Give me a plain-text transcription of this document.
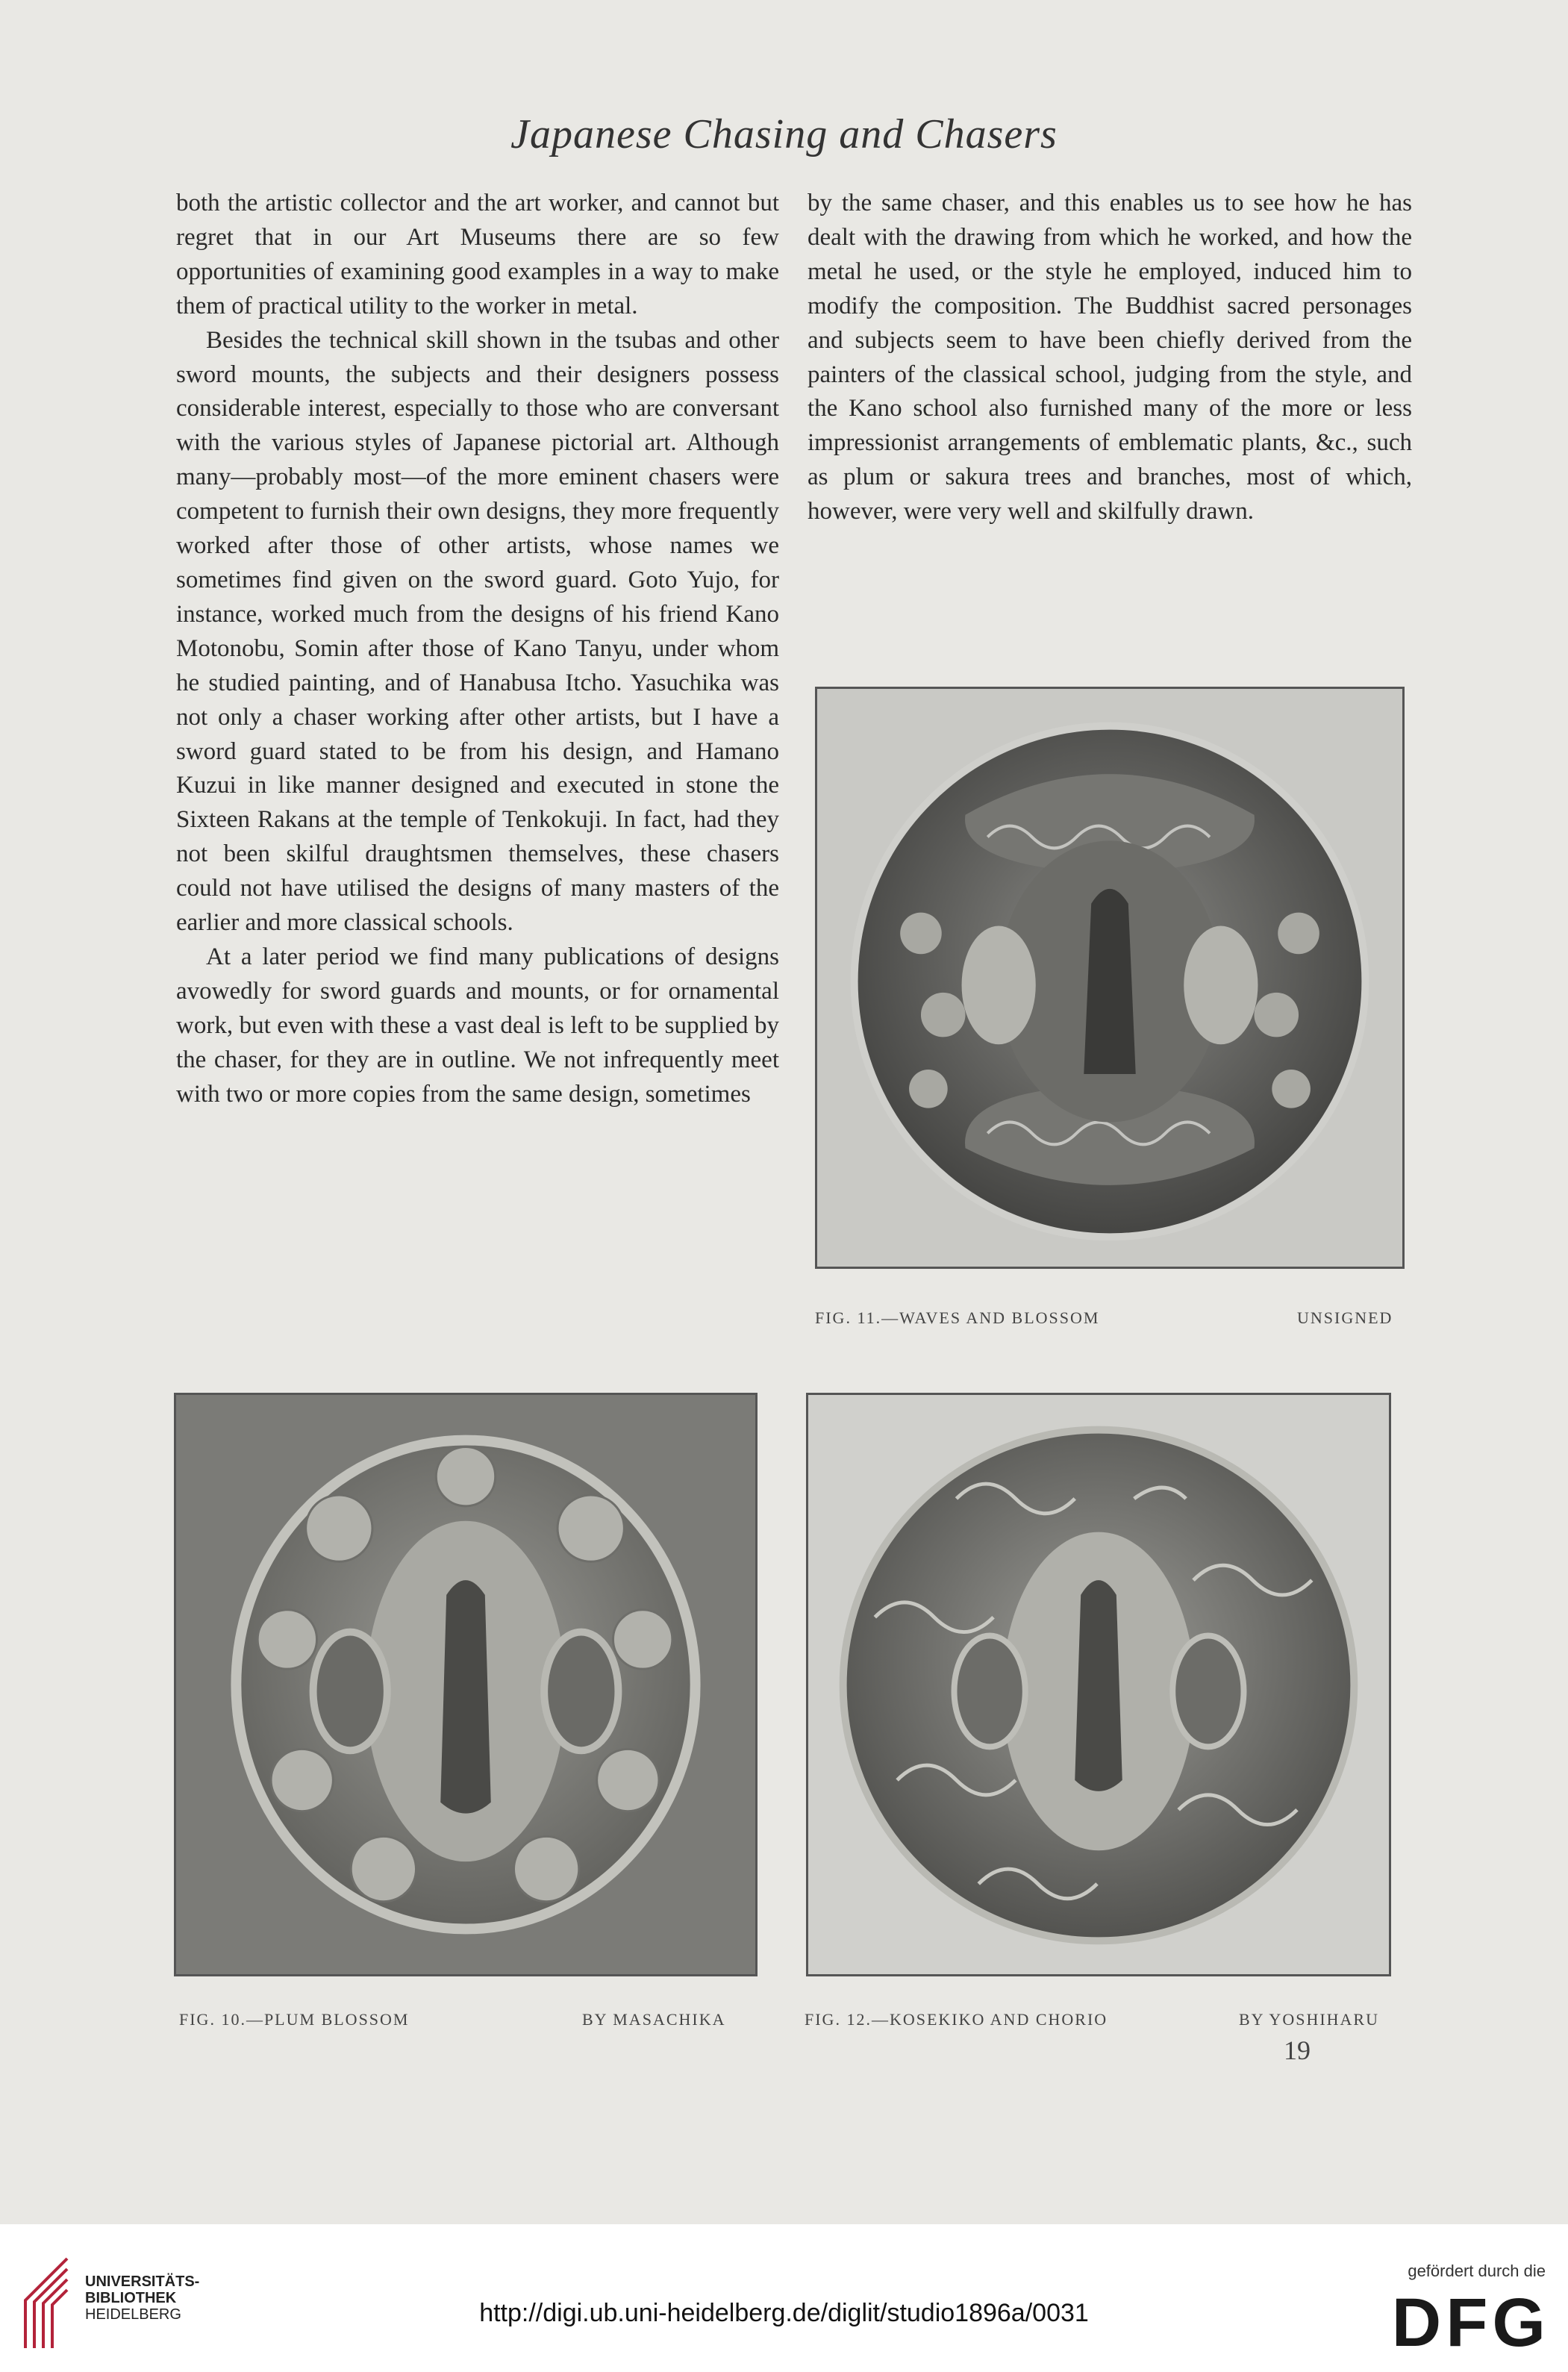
Japanese Chasing and Chasers

both the artistic collector and the art worker, and cannot but regret that in our Art Museums there are so few opportunities of examining good examples in a way to make them of practical utility to the worker in metal.

Besides the technical skill shown in the tsubas and other sword mounts, the subjects and their designers possess considerable interest, especially to those who are conversant with the various styles of Japanese pictorial art. Although many—probably most—of the more eminent chasers were competent to furnish their own designs, they more frequently worked after those of other artists, whose names we sometimes find given on the sword guard. Goto Yujo, for instance, worked much from the designs of his friend Kano Motonobu, Somin after those of Kano Tanyu, under whom he studied painting, and of Hanabusa Itcho. Yasuchika was not only a chaser working after other artists, but I have a sword guard stated to be from his design, and Hamano Kuzui in like manner designed and executed in stone the Sixteen Rakans at the temple of Tenkokuji. In fact, had they not been skilful draughtsmen themselves, these chasers could not have utilised the designs of many masters of the earlier and more classical schools.

At a later period we find many publications of designs avowedly for sword guards and mounts, or for ornamental work, but even with these a vast deal is left to be supplied by the chaser, for they are in outline. We not infrequently meet with two or more copies from the same design, sometimes

by the same chaser, and this enables us to see how he has dealt with the drawing from which he worked, and how the metal he used, or the style he employed, induced him to modify the composition. The Buddhist sacred personages and subjects seem to have been chiefly derived from the painters of the classical school, judging from the style, and the Kano school also furnished many of the more or less impressionist arrangements of emblematic plants, &c., such as plum or sakura trees and branches, most of which, however, were very well and skilfully drawn.

FIG. 11.—WAVES AND BLOSSOM	UNSIGNED
FIG. 10.—PLUM BLOSSOM	BY MASACHIKA	FIG. 12.—KOSEKIKO AND CHORIO	BY YOSHIHARU
19
UNIVERSITÄTS-
BIBLIOTHEK
HEIDELBERG	http://digi.ub.uni-heidelberg.de/diglit/studio1896a/0031
gefördert durch die
DFG
